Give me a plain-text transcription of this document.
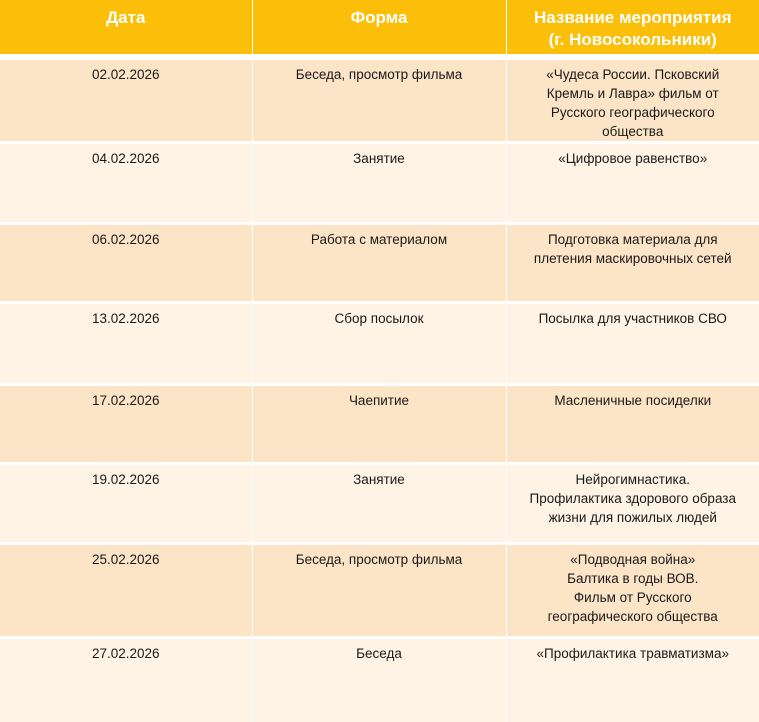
Дата	Форма	Название мероприятия
(г. Новосокольники)

02.02.2026	Беседа, просмотр фильма	«Чудеса России. Псковский
Кремль и Лавра» фильм от
Русского географического
общества

04.02.2026	Занятие	«Цифровое равенство»

06.02.2026	Работа с материалом	Подготовка материала для
плетения маскировочных сетей

13.02.2026	Сбор посылок	Посылка для участников СВО

17.02.2026	Чаепитие	Масленичные посиделки

19.02.2026	Занятие	Нейрогимнастика.
Профилактика здорового образа
жизни для пожилых людей

25.02.2026	Беседа, просмотр фильма	«Подводная война»
Балтика в годы ВОВ.
Фильм от Русского
географического общества

27.02.2026	Беседа	«Профилактика травматизма»
